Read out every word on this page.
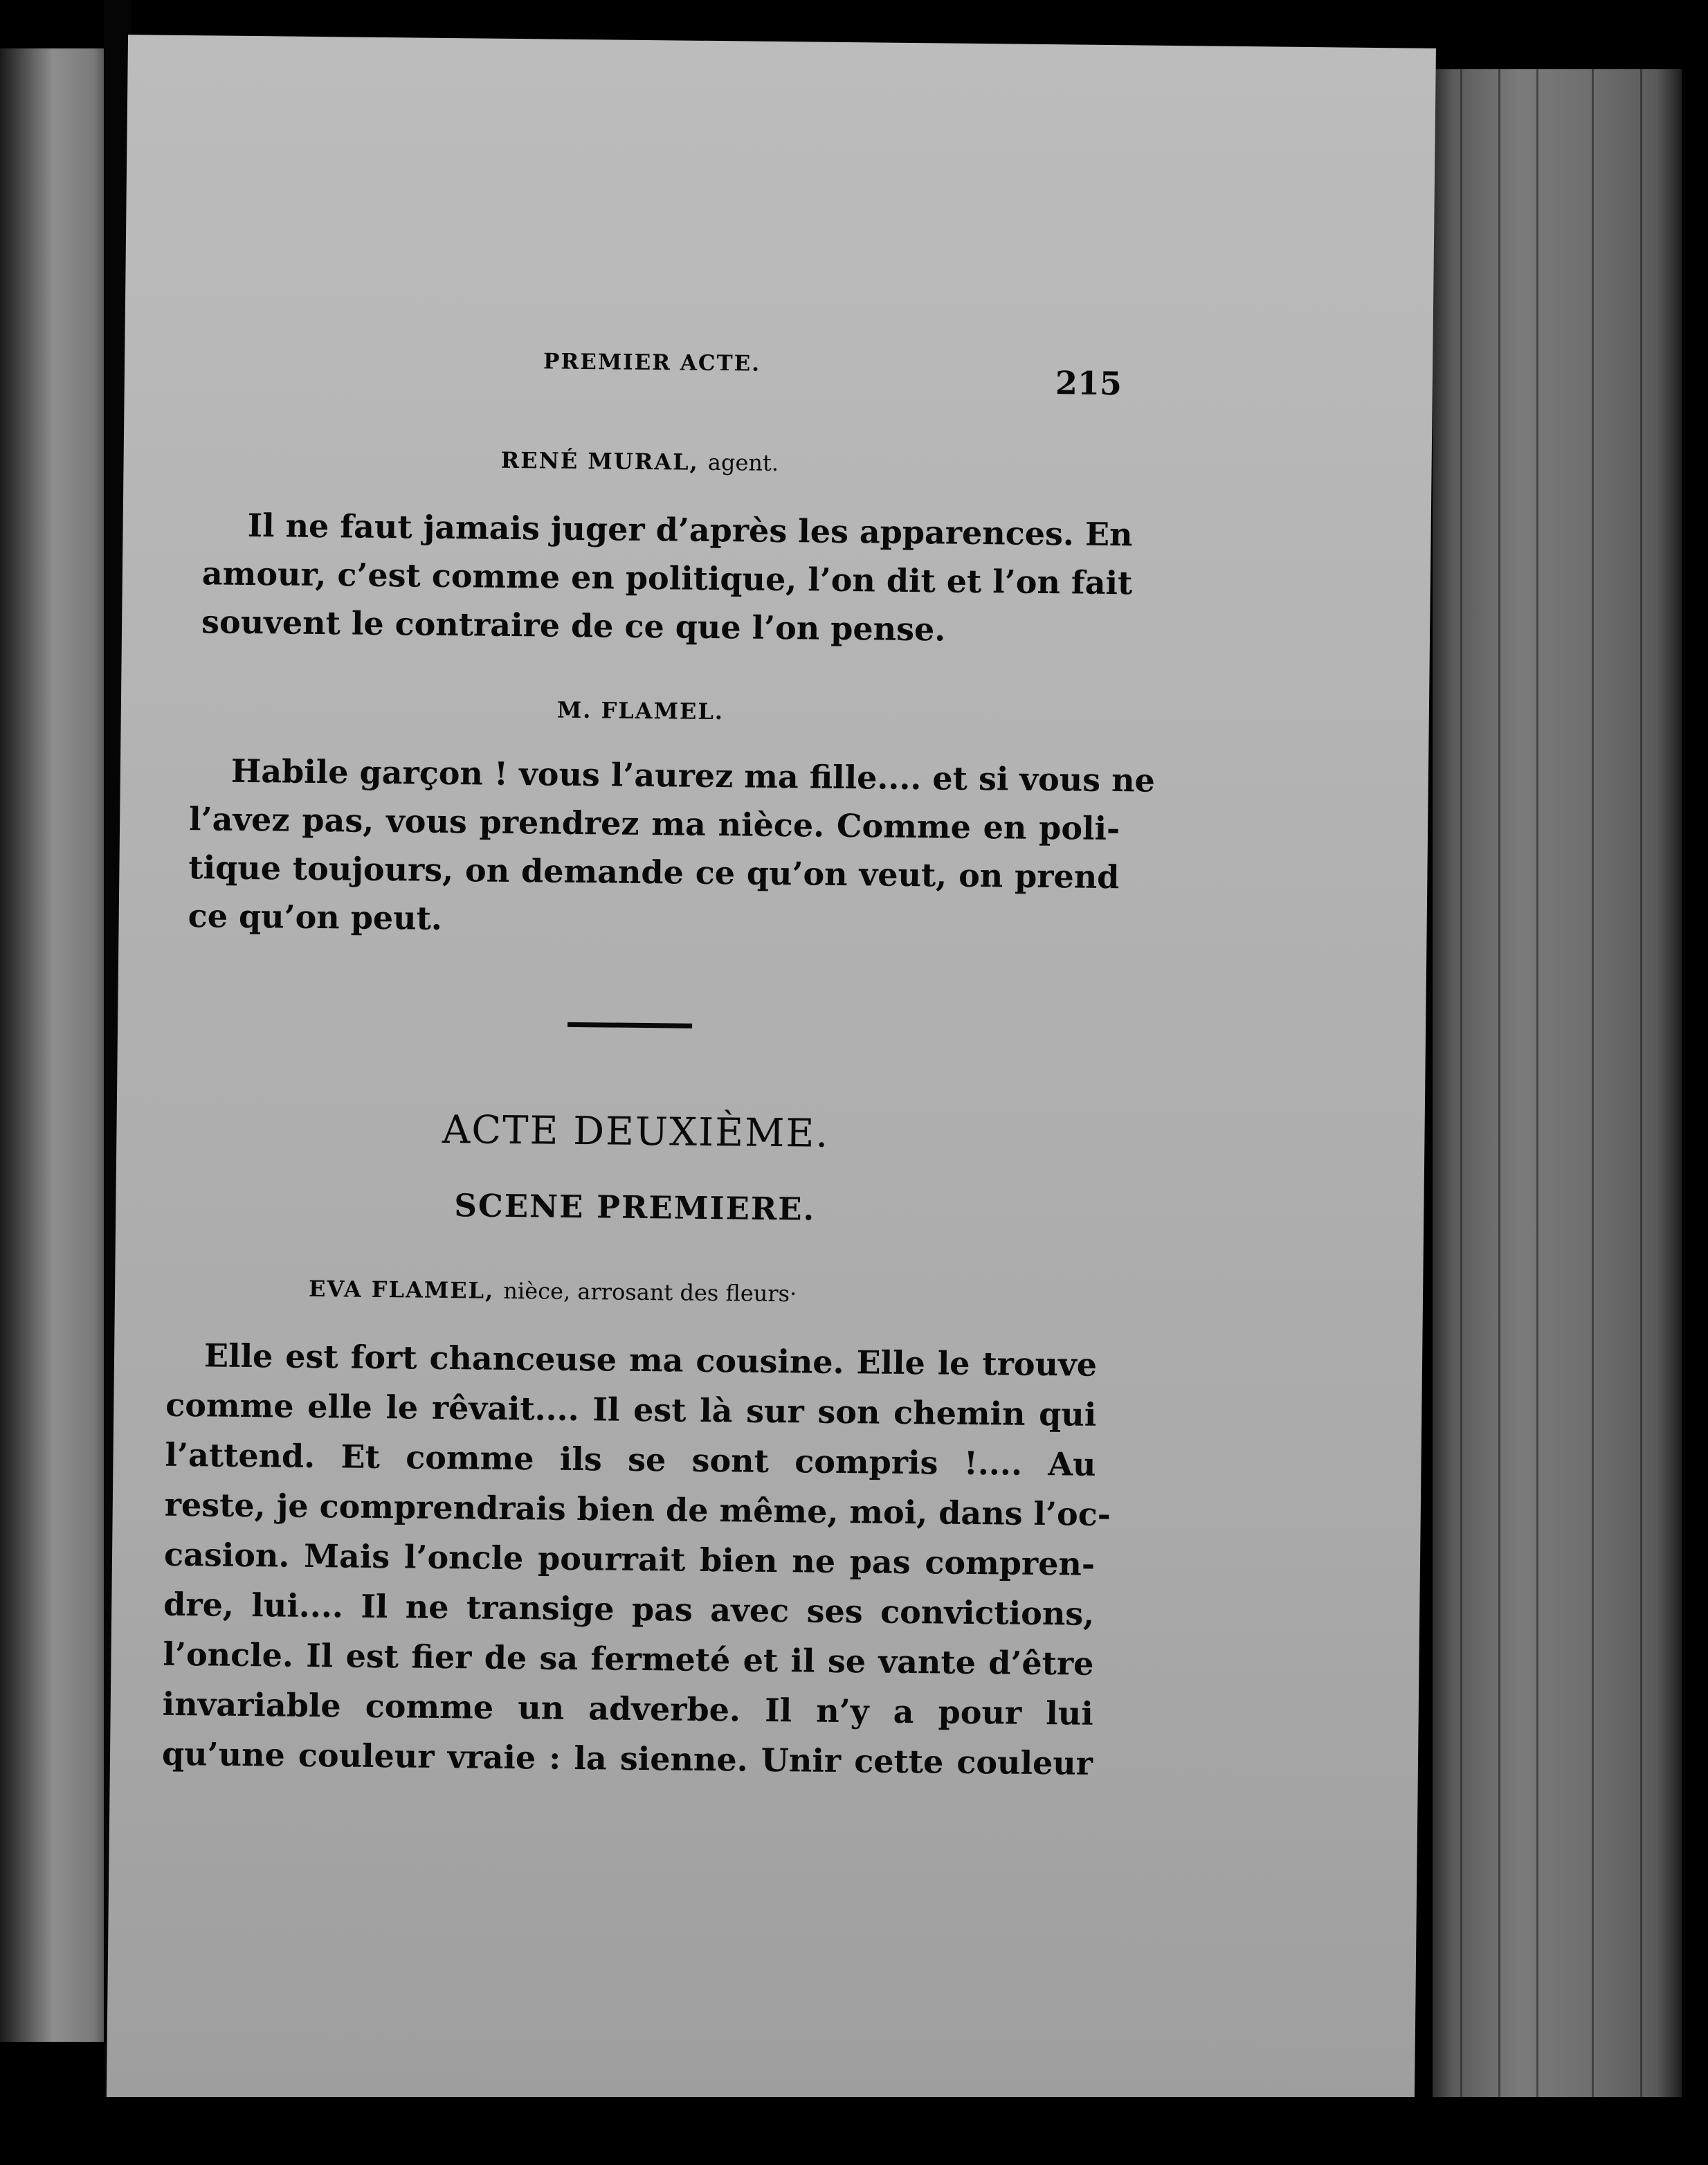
PREMIER ACTE.
215
RENÉ MURAL, agent.
Il ne faut jamais juger d’après les apparences. En
amour, c’est comme en politique, l’on dit et l’on fait
souvent le contraire de ce que l’on pense.
M. FLAMEL.
Habile garçon ! vous l’aurez ma fille.... et si vous ne
l’avez pas, vous prendrez ma nièce. Comme en poli-
tique toujours, on demande ce qu’on veut, on prend
ce qu’on peut.
ACTE DEUXIÈME.
SCENE PREMIERE.
EVA FLAMEL, nièce, arrosant des fleurs·
Elle est fort chanceuse ma cousine. Elle le trouve
comme elle le rêvait.... Il est là sur son chemin qui
l’attend. Et comme ils se sont compris !.... Au
reste, je comprendrais bien de même, moi, dans l’oc-
casion. Mais l’oncle pourrait bien ne pas compren-
dre, lui.... Il ne transige pas avec ses convictions,
l’oncle. Il est fier de sa fermeté et il se vante d’être
invariable comme un adverbe. Il n’y a pour lui
qu’une couleur vraie : la sienne. Unir cette couleur
